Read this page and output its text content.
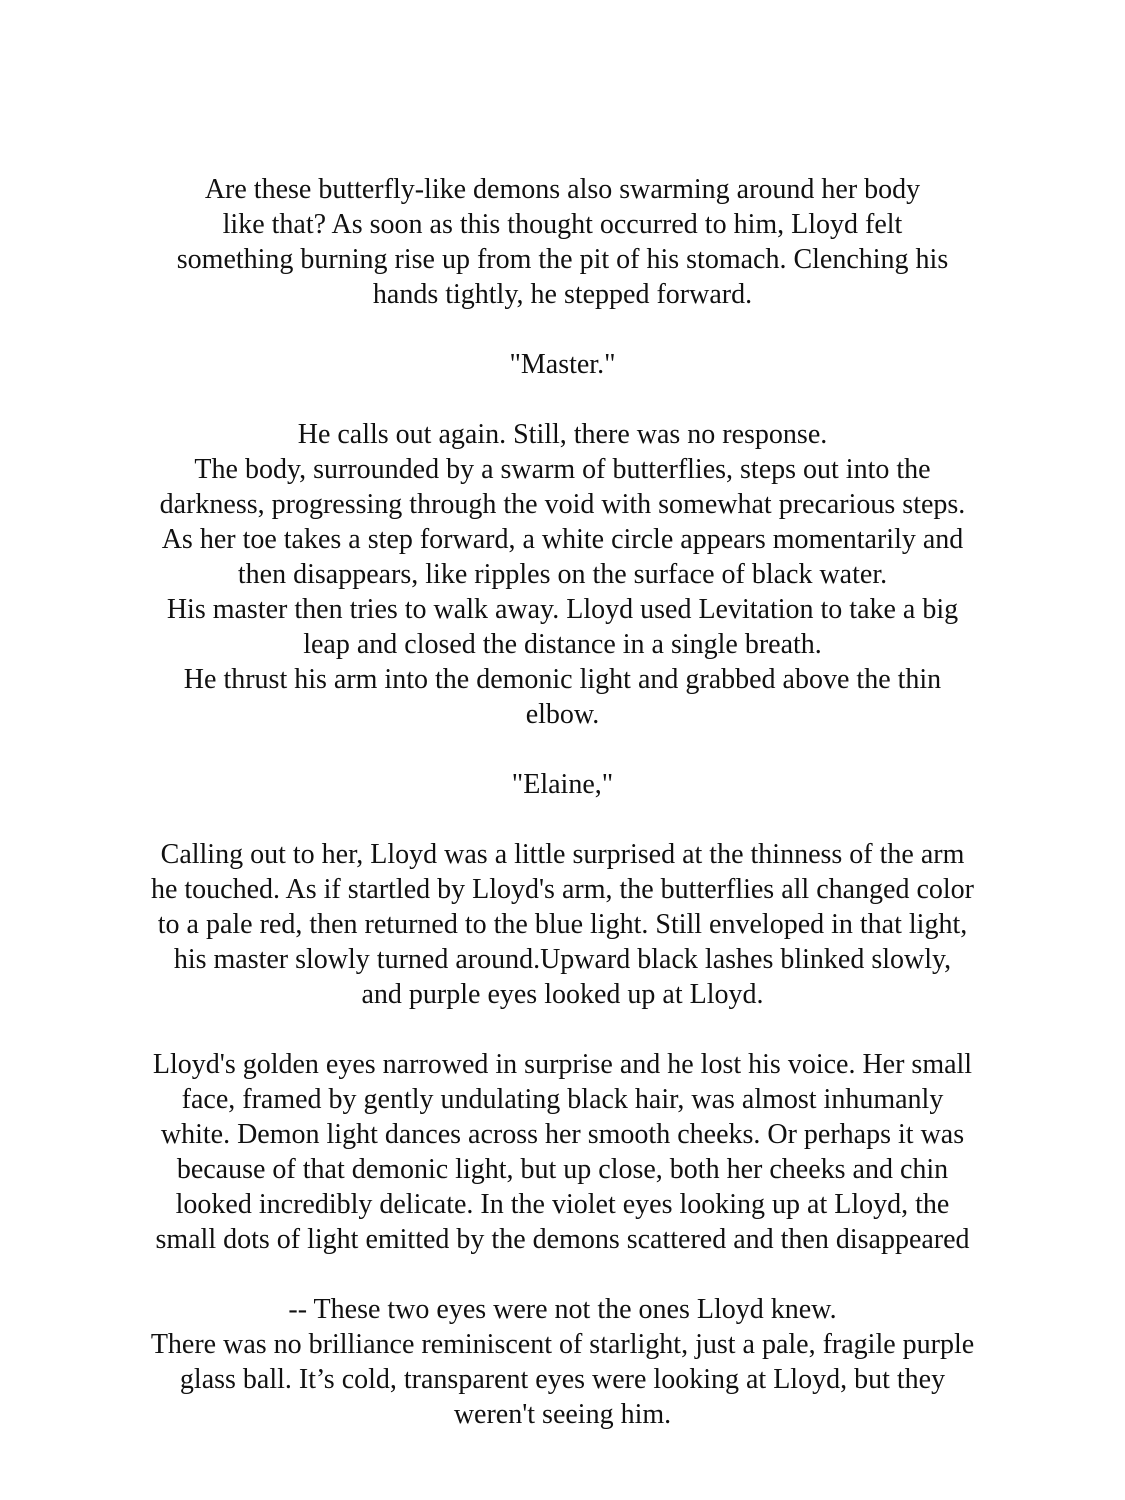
Are these butterfly-like demons also swarming around her body
like that? As soon as this thought occurred to him, Lloyd felt
something burning rise up from the pit of his stomach. Clenching his
hands tightly, he stepped forward.
"Master."
He calls out again. Still, there was no response.
The body, surrounded by a swarm of butterflies, steps out into the
darkness, progressing through the void with somewhat precarious steps.
As her toe takes a step forward, a white circle appears momentarily and
then disappears, like ripples on the surface of black water.
His master then tries to walk away. Lloyd used Levitation to take a big
leap and closed the distance in a single breath.
He thrust his arm into the demonic light and grabbed above the thin
elbow.
"Elaine,"
Calling out to her, Lloyd was a little surprised at the thinness of the arm
he touched. As if startled by Lloyd's arm, the butterflies all changed color
to a pale red, then returned to the blue light. Still enveloped in that light,
his master slowly turned around.Upward black lashes blinked slowly,
and purple eyes looked up at Lloyd.
Lloyd's golden eyes narrowed in surprise and he lost his voice. Her small
face, framed by gently undulating black hair, was almost inhumanly
white. Demon light dances across her smooth cheeks. Or perhaps it was
because of that demonic light, but up close, both her cheeks and chin
looked incredibly delicate. In the violet eyes looking up at Lloyd, the
small dots of light emitted by the demons scattered and then disappeared
-- These two eyes were not the ones Lloyd knew.
There was no brilliance reminiscent of starlight, just a pale, fragile purple
glass ball. It’s cold, transparent eyes were looking at Lloyd, but they
weren't seeing him.
